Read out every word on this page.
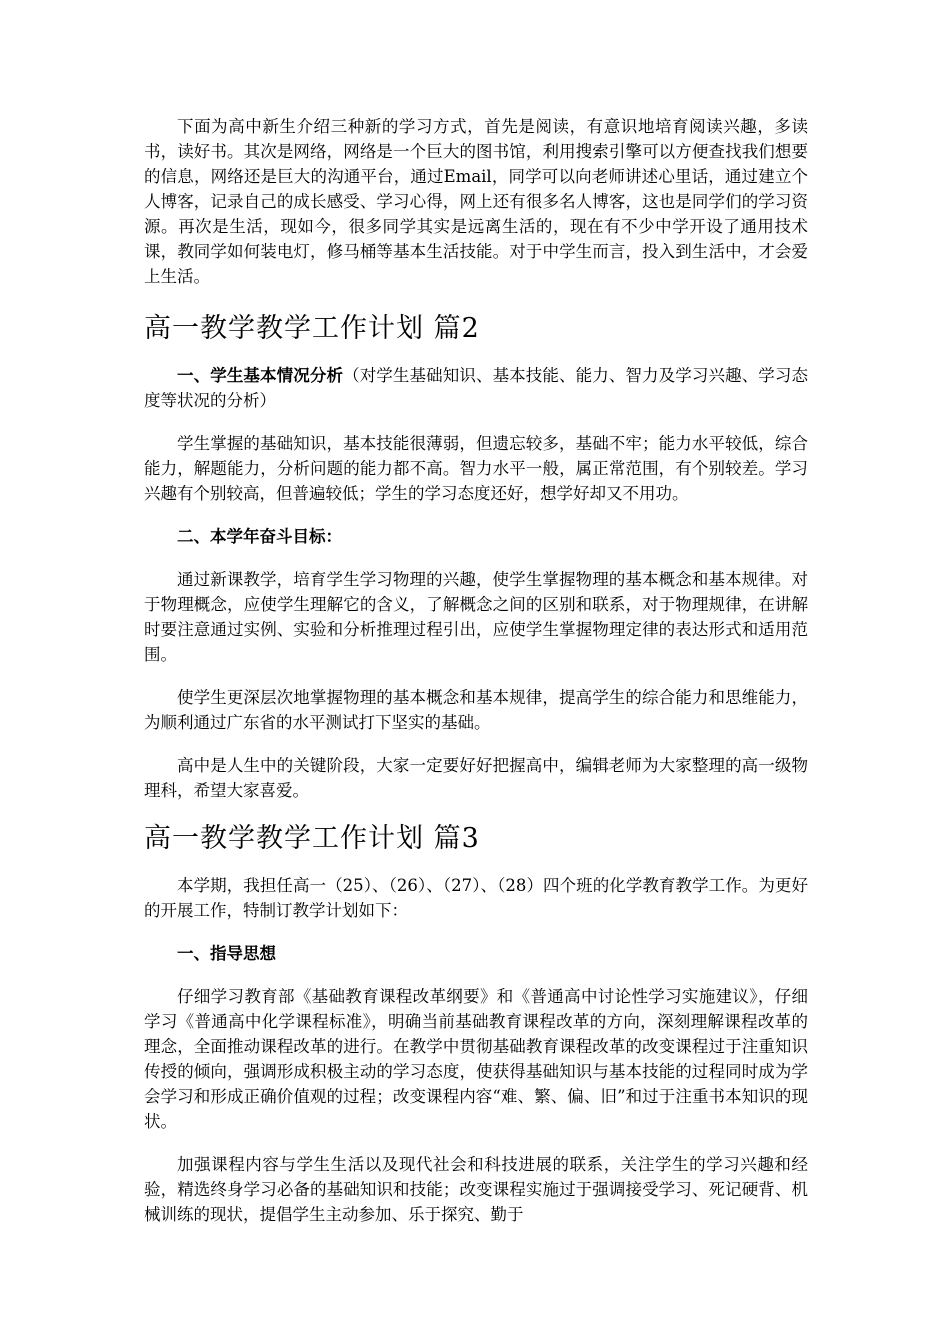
下面为高中新生介绍三种新的学习方式，首先是阅读，有意识地培育阅读兴趣，多读书，读好书。其次是网络，网络是一个巨大的图书馆，利用搜索引擎可以方便查找我们想要的信息，网络还是巨大的沟通平台，通过Email，同学可以向老师讲述心里话，通过建立个人博客，记录自己的成长感受、学习心得，网上还有很多名人博客，这也是同学们的学习资源。再次是生活，现如今，很多同学其实是远离生活的，现在有不少中学开设了通用技术课，教同学如何装电灯，修马桶等基本生活技能。对于中学生而言，投入到生活中，才会爱上生活。

高一教学教学工作计划 篇2

一、学生基本情况分析（对学生基础知识、基本技能、能力、智力及学习兴趣、学习态度等状况的分析）

学生掌握的基础知识，基本技能很薄弱，但遗忘较多，基础不牢；能力水平较低，综合能力，解题能力，分析问题的能力都不高。智力水平一般，属正常范围，有个别较差。学习兴趣有个别较高，但普遍较低；学生的学习态度还好，想学好却又不用功。

二、本学年奋斗目标：

通过新课教学，培育学生学习物理的兴趣，使学生掌握物理的基本概念和基本规律。对于物理概念，应使学生理解它的含义，了解概念之间的区别和联系，对于物理规律，在讲解时要注意通过实例、实验和分析推理过程引出，应使学生掌握物理定律的表达形式和适用范围。

使学生更深层次地掌握物理的基本概念和基本规律，提高学生的综合能力和思维能力，为顺利通过广东省的水平测试打下坚实的基础。

高中是人生中的关键阶段，大家一定要好好把握高中，编辑老师为大家整理的高一级物理科，希望大家喜爱。

高一教学教学工作计划 篇3

本学期，我担任高一（25）、（26）、（27）、（28）四个班的化学教育教学工作。为更好的开展工作，特制订教学计划如下：

一、指导思想

仔细学习教育部《基础教育课程改革纲要》和《普通高中讨论性学习实施建议》，仔细学习《普通高中化学课程标准》，明确当前基础教育课程改革的方向，深刻理解课程改革的理念，全面推动课程改革的进行。在教学中贯彻基础教育课程改革的改变课程过于注重知识传授的倾向，强调形成积极主动的学习态度，使获得基础知识与基本技能的过程同时成为学会学习和形成正确价值观的过程；改变课程内容“难、繁、偏、旧”和过于注重书本知识的现状。

加强课程内容与学生生活以及现代社会和科技进展的联系，关注学生的学习兴趣和经验，精选终身学习必备的基础知识和技能；改变课程实施过于强调接受学习、死记硬背、机械训练的现状，提倡学生主动参加、乐于探究、勤于
